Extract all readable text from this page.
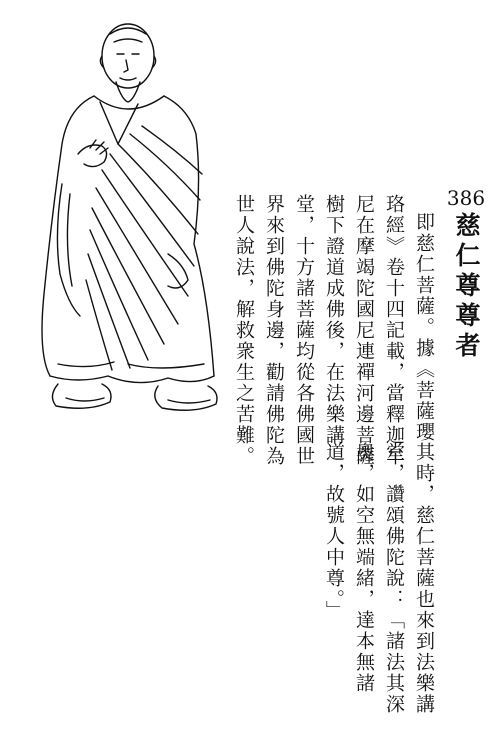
386
慈仁尊尊者
即慈仁菩薩。據《菩薩瓔
珞經》卷十四記載，當釋迦牟
尼在摩竭陀國尼連禪河邊菩薩
樹下證道成佛後，在法樂講
堂，十方諸菩薩均從各佛國世
界來到佛陀身邊，勸請佛陀為
世人說法，解救衆生之苦難。
其時，慈仁菩薩也來到法樂講
堂，讚頌佛陀說：「諸法其深
奧，如空無端緒，達本無諸
道，故號人中尊。」
